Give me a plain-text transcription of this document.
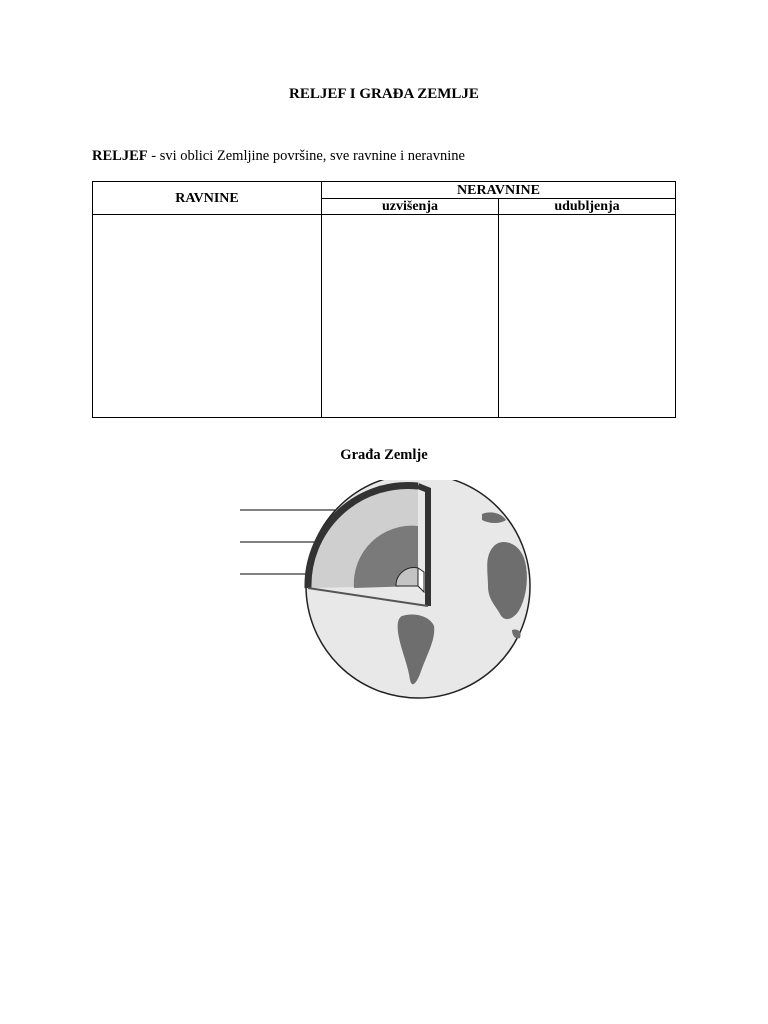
RELJEF I GRAĐA ZEMLJE
RELJEF - svi oblici Zemljine površine, sve ravnine i neravnine
RAVNINE	NERAVNINE	
	uzvišenja	udubljenja

Građa Zemlje
